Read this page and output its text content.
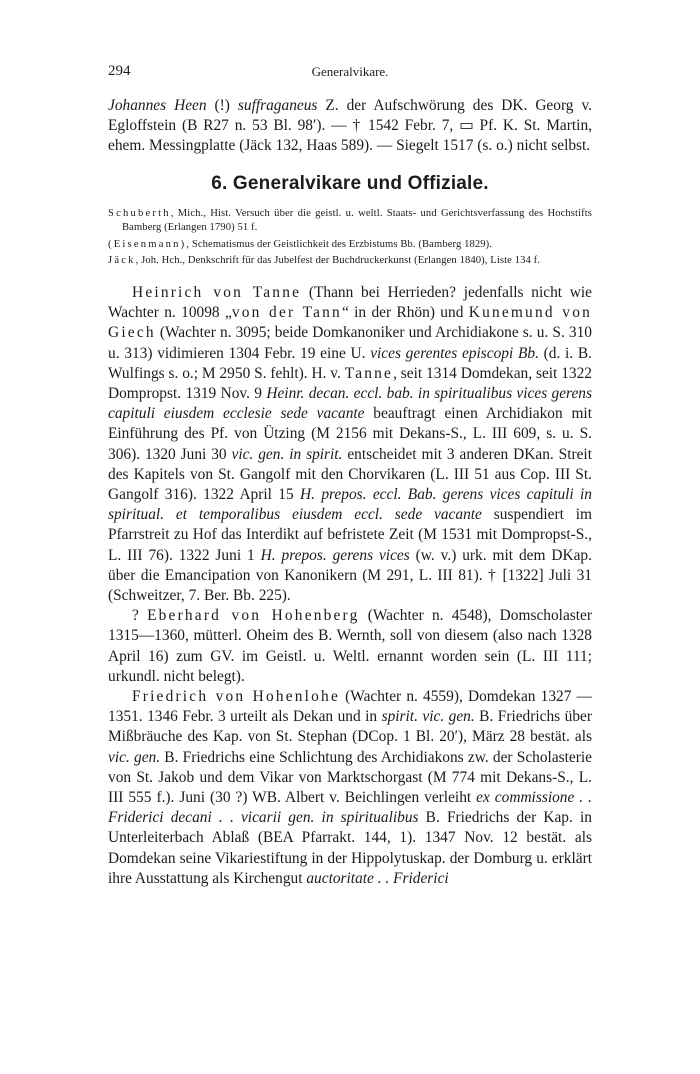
294	Generalvikare.

Johannes Heen (!) suffraganeus Z. der Aufschwörung des DK. Georg v. Egloffstein (B R27 n. 53 Bl. 98′). — † 1542 Febr. 7, ▭ Pf. K. St. Martin, ehem. Messingplatte (Jäck 132, Haas 589). — Siegelt 1517 (s. o.) nicht selbst.

6. Generalvikare und Offiziale.

Schuberth, Mich., Hist. Versuch über die geistl. u. weltl. Staats- und Gerichtsverfassung des Hochstifts Bamberg (Erlangen 1790) 51 f.

(Eisenmann), Schematismus der Geistlichkeit des Erzbistums Bb. (Bamberg 1829).

Jäck, Joh. Hch., Denkschrift für das Jubelfest der Buchdruckerkunst (Erlangen 1840), Liste 134 f.

Heinrich von Tanne (Thann bei Herrieden? jedenfalls nicht wie Wachter n. 10098 „von der Tann“ in der Rhön) und Kunemund von Giech (Wachter n. 3095; beide Domkanoniker und Archidiakone s. u. S. 310 u. 313) vidimieren 1304 Febr. 19 eine U. vices gerentes episcopi Bb. (d. i. B. Wulfings s. o.; M 2950 S. fehlt). H. v. Tanne, seit 1314 Domdekan, seit 1322 Dompropst. 1319 Nov. 9 Heinr. decan. eccl. bab. in spiritualibus vices gerens capituli eiusdem ecclesie sede vacante beauftragt einen Archidiakon mit Einführung des Pf. von Ützing (M 2156 mit Dekans-S., L. III 609, s. u. S. 306). 1320 Juni 30 vic. gen. in spirit. entscheidet mit 3 anderen DKan. Streit des Kapitels von St. Gangolf mit den Chorvikaren (L. III 51 aus Cop. III St. Gangolf 316). 1322 April 15 H. prepos. eccl. Bab. gerens vices capituli in spiritual. et temporalibus eiusdem eccl. sede vacante suspendiert im Pfarrstreit zu Hof das Interdikt auf befristete Zeit (M 1531 mit Dompropst-S., L. III 76). 1322 Juni 1 H. prepos. gerens vices (w. v.) urk. mit dem DKap. über die Emancipation von Kanonikern (M 291, L. III 81). † [1322] Juli 31 (Schweitzer, 7. Ber. Bb. 225).

? Eberhard von Hohenberg (Wachter n. 4548), Domscholaster 1315—1360, mütterl. Oheim des B. Wernth, soll von diesem (also nach 1328 April 16) zum GV. im Geistl. u. Weltl. ernannt worden sein (L. III 111; urkundl. nicht belegt).

Friedrich von Hohenlohe (Wachter n. 4559), Domdekan 1327 —1351. 1346 Febr. 3 urteilt als Dekan und in spirit. vic. gen. B. Friedrichs über Mißbräuche des Kap. von St. Stephan (DCop. 1 Bl. 20′), März 28 bestät. als vic. gen. B. Friedrichs eine Schlichtung des Archidiakons zw. der Scholasterie von St. Jakob und dem Vikar von Marktschorgast (M 774 mit Dekans-S., L. III 555 f.). Juni (30 ?) WB. Albert v. Beichlingen verleiht ex commissione . . Friderici decani . . vicarii gen. in spiritualibus B. Friedrichs der Kap. in Unterleiterbach Ablaß (BEA Pfarrakt. 144, 1). 1347 Nov. 12 bestät. als Domdekan seine Vikariestiftung in der Hippolytuskap. der Domburg u. erklärt ihre Ausstattung als Kirchengut auctoritate . . Friderici
